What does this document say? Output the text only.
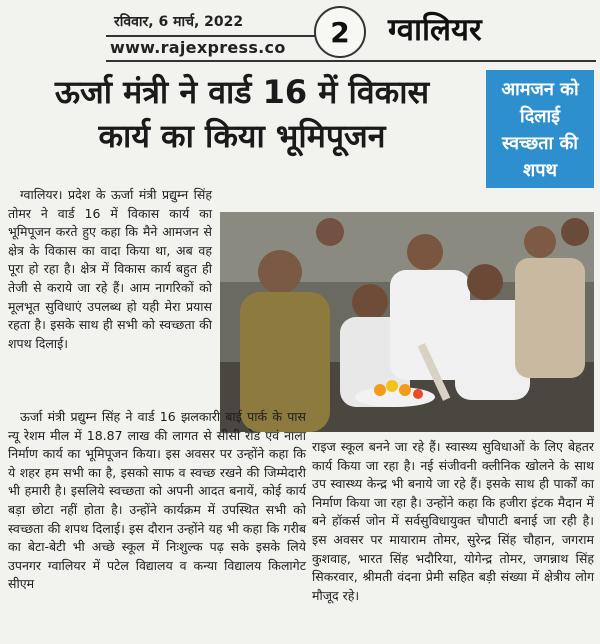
रविवार, 6 मार्च, 2022
www.rajexpress.co	2	ग्वालियर
ऊर्जा मंत्री ने वार्ड 16 में विकास
कार्य का किया भूमिपूजन
आमजन को
दिलाई
स्वच्छता की
शपथ

ग्वालियर। प्रदेश के ऊर्जा मंत्री प्रद्युम्न सिंह तोमर ने वार्ड 16 में विकास कार्य का भूमिपूजन करते हुए कहा कि मैने आमजन से क्षेत्र के विकास का वादा किया था, अब वह पूरा हो रहा है। क्षेत्र में विकास कार्य बहुत ही तेजी से कराये जा रहे हैं। आम नागरिकों को मूलभूत सुविधाएं उपलब्ध हो यही मेरा प्रयास रहता है। इसके साथ ही सभी को स्वच्छता की शपथ दिलाई।

ऊर्जा मंत्री प्रद्युम्न सिंह ने वार्ड 16 झलकारी बाई पार्क के पास न्यू रेशम मील में 18.87 लाख की लागत से सीसी रोड एवं नाला निर्माण कार्य का भूमिपूजन किया। इस अवसर पर उन्होंने कहा कि ये शहर हम सभी का है, इसको साफ व स्वच्छ रखने की जिम्मेदारी भी हमारी है। इसलिये स्वच्छता को अपनी आदत बनायें, कोई कार्य बड़ा छोटा नहीं होता है। उन्होंने कार्यक्रम में उपस्थित सभी को स्वच्छता की शपथ दिलाई। इस दौरान उन्होंने यह भी कहा कि गरीब का बेटा-बेटी भी अच्छे स्कूल में निःशुल्क पढ़ सके इसके लिये उपनगर ग्वालियर में पटेल विद्यालय व कन्या विद्यालय किलागेट सीएम

राइज स्कूल बनने जा रहे हैं। स्वास्थ्य सुविधाओं के लिए बेहतर कार्य किया जा रहा है। नई संजीवनी क्लीनिक खोलने के साथ उप स्वास्थ्य केन्द्र भी बनाये जा रहे हैं। इसके साथ ही पार्कों का निर्माण किया जा रहा है। उन्होंने कहा कि हजीरा इंटक मैदान में बने हॉकर्स जोन में सर्वसुविधायुक्त चौपाटी बनाई जा रही है। इस अवसर पर मायाराम तोमर, सुरेन्द्र सिंह चौहान, जगराम कुशवाह, भारत सिंह भदौरिया, योगेन्द्र तोमर, जगन्नाथ सिंह सिकरवार, श्रीमती वंदना प्रेमी सहित बड़ी संख्या में क्षेत्रीय लोग मौजूद रहे।
